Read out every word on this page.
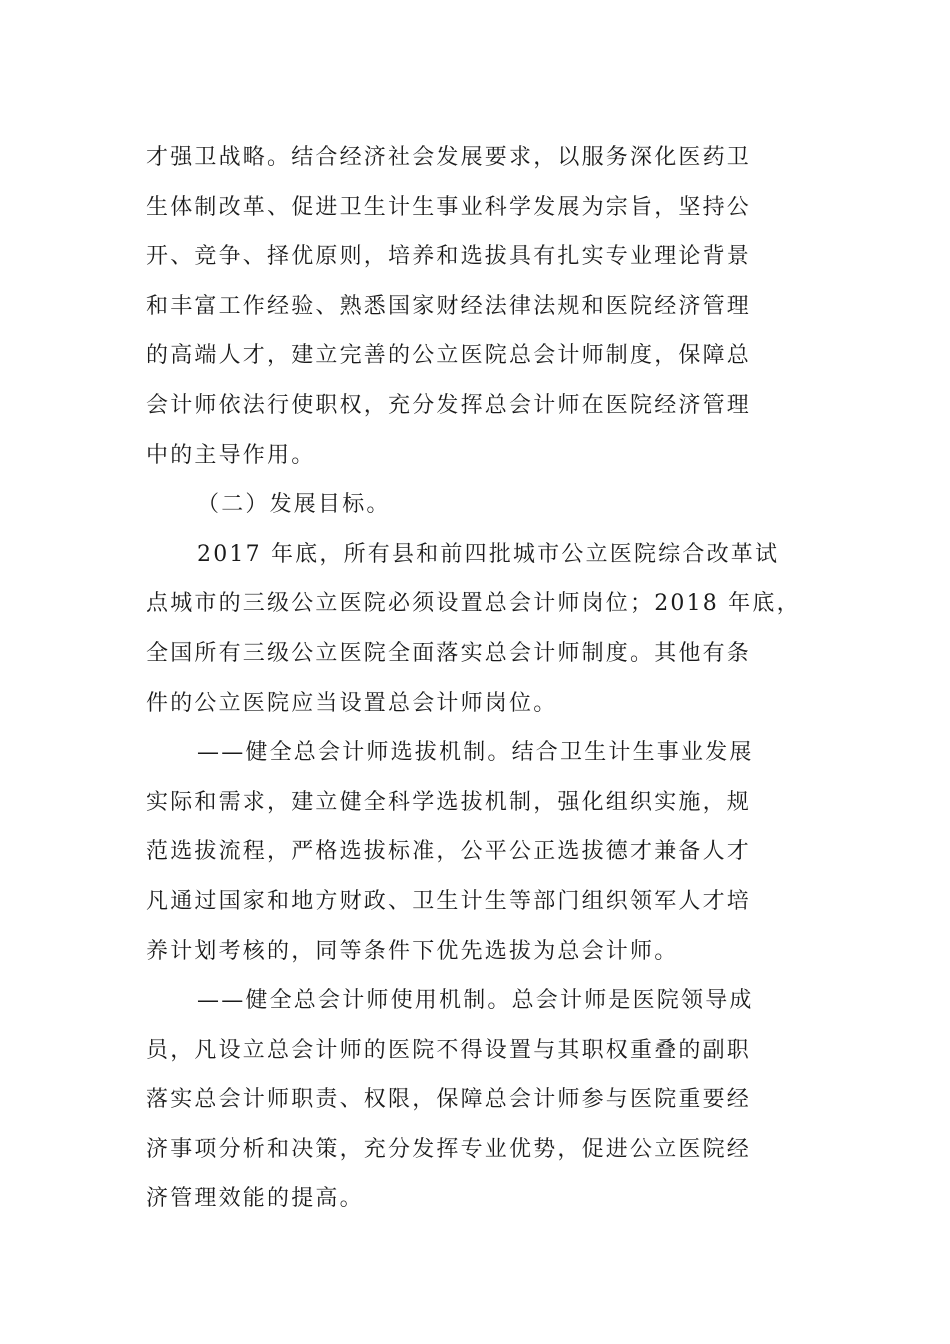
才强卫战略。结合经济社会发展要求，以服务深化医药卫
生体制改革、促进卫生计生事业科学发展为宗旨，坚持公
开、竞争、择优原则，培养和选拔具有扎实专业理论背景
和丰富工作经验、熟悉国家财经法律法规和医院经济管理
的高端人才，建立完善的公立医院总会计师制度，保障总
会计师依法行使职权，充分发挥总会计师在医院经济管理
中的主导作用。
（二）发展目标。
2017 年底，所有县和前四批城市公立医院综合改革试
点城市的三级公立医院必须设置总会计师岗位；2018 年底，
全国所有三级公立医院全面落实总会计师制度。其他有条
件的公立医院应当设置总会计师岗位。
——健全总会计师选拔机制。结合卫生计生事业发展
实际和需求，建立健全科学选拔机制，强化组织实施，规
范选拔流程，严格选拔标准，公平公正选拔德才兼备人才
凡通过国家和地方财政、卫生计生等部门组织领军人才培
养计划考核的，同等条件下优先选拔为总会计师。
——健全总会计师使用机制。总会计师是医院领导成
员，凡设立总会计师的医院不得设置与其职权重叠的副职
落实总会计师职责、权限，保障总会计师参与医院重要经
济事项分析和决策，充分发挥专业优势，促进公立医院经
济管理效能的提高。
